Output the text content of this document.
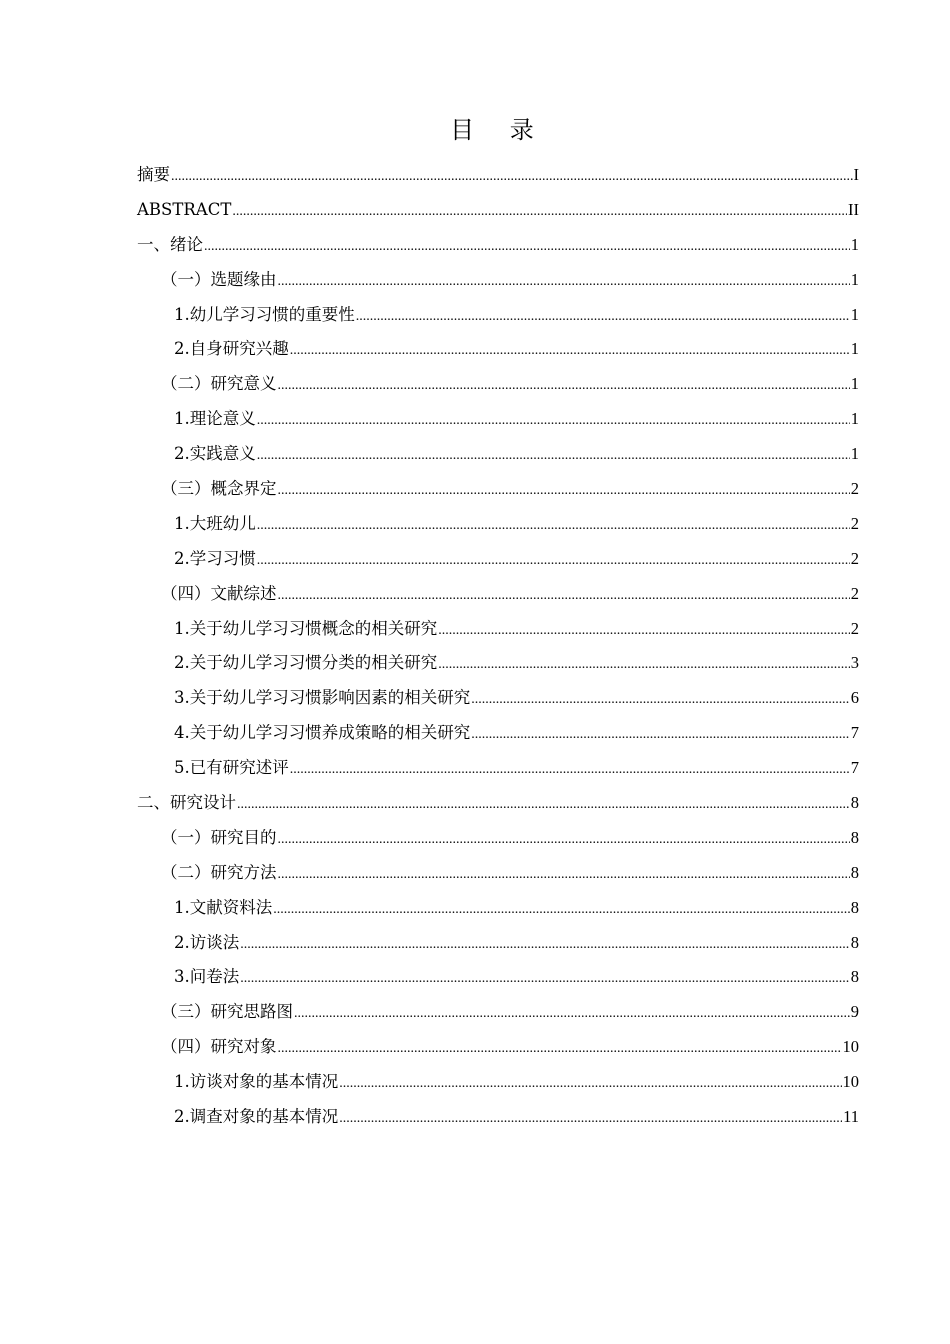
目 录
摘要 .....	I
ABSTRACT .....	II
一、绪论 .....	1
（一）选题缘由 .....	1
1.幼儿学习习惯的重要性 .....	1
2.自身研究兴趣 .....	1
（二）研究意义 .....	1
1.理论意义 .....	1
2.实践意义 .....	1
（三）概念界定 .....	2
1.大班幼儿 .....	2
2.学习习惯 .....	2
（四）文献综述 .....	2
1.关于幼儿学习习惯概念的相关研究 .....	2
2.关于幼儿学习习惯分类的相关研究 .....	3
3.关于幼儿学习习惯影响因素的相关研究 .....	6
4.关于幼儿学习习惯养成策略的相关研究 .....	7
5.已有研究述评 .....	7
二、研究设计 .....	8
（一）研究目的 .....	8
（二）研究方法 .....	8
1.文献资料法 .....	8
2.访谈法 .....	8
3.问卷法 .....	8
（三）研究思路图 .....	9
（四）研究对象 .....	10
1.访谈对象的基本情况 .....	10
2.调查对象的基本情况 .....	11
